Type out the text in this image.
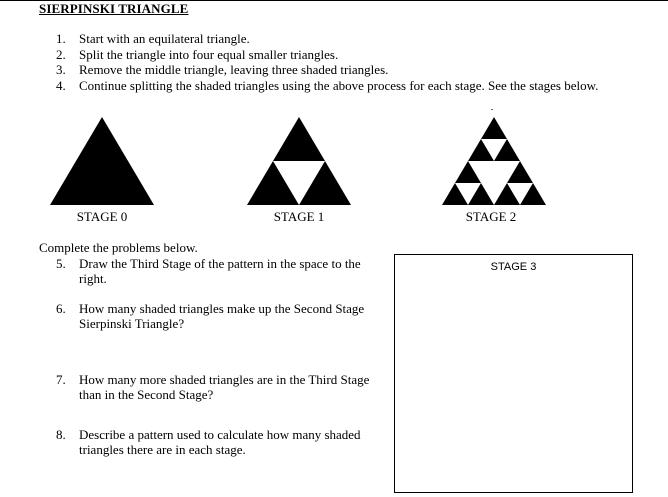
SIERPINSKI TRIANGLE
1. Start with an equilateral triangle.
2. Split the triangle into four equal smaller triangles.
3. Remove the middle triangle, leaving three shaded triangles.
4. Continue splitting the shaded triangles using the above process for each stage. See the stages below.
STAGE 0	STAGE 1	STAGE 2
Complete the problems below.
5.	Draw the Third Stage of the pattern in the space to the right.
6.	How many shaded triangles make up the Second Stage Sierpinski Triangle?
7.	How many more shaded triangles are in the Third Stage than in the Second Stage?
8.	Describe a pattern used to calculate how many shaded triangles there are in each stage.
STAGE 3
